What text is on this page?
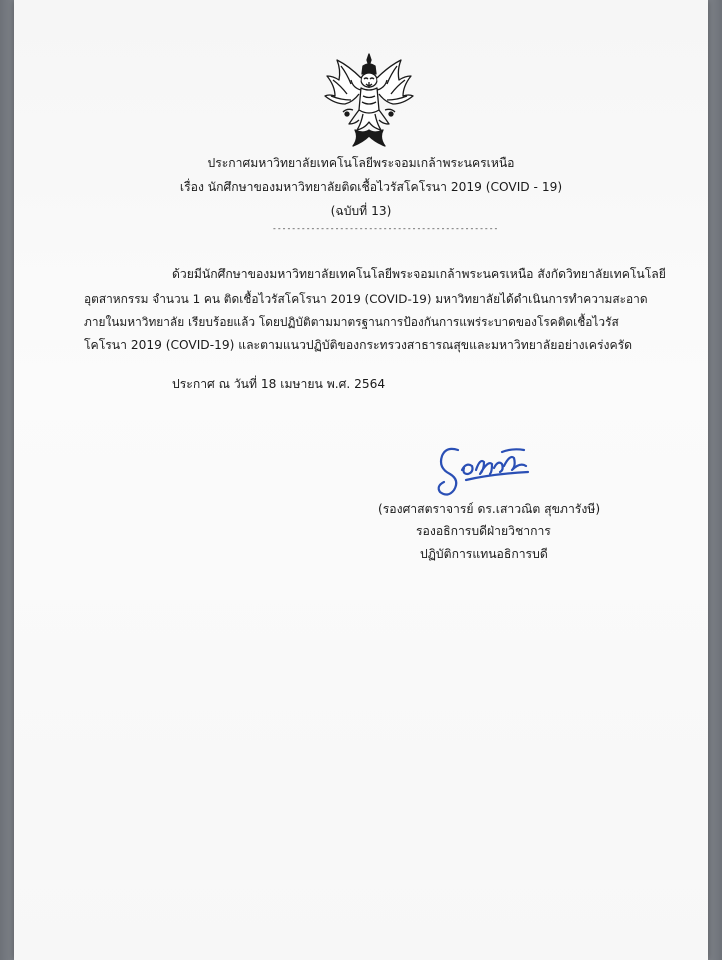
ประกาศมหาวิทยาลัยเทคโนโลยีพระจอมเกล้าพระนครเหนือ
เรื่อง นักศึกษาของมหาวิทยาลัยติดเชื้อไวรัสโคโรนา 2019 (COVID - 19)
(ฉบับที่ 13)
-----------------------------------------------
ด้วยมีนักศึกษาของมหาวิทยาลัยเทคโนโลยีพระจอมเกล้าพระนครเหนือ สังกัดวิทยาลัยเทคโนโลยี
อุตสาหกรรม จำนวน 1 คน ติดเชื้อไวรัสโคโรนา 2019 (COVID-19) มหาวิทยาลัยได้ดำเนินการทำความสะอาด
ภายในมหาวิทยาลัย เรียบร้อยแล้ว โดยปฏิบัติตามมาตรฐานการป้องกันการแพร่ระบาดของโรคติดเชื้อไวรัส
โคโรนา 2019 (COVID-19) และตามแนวปฏิบัติของกระทรวงสาธารณสุขและมหาวิทยาลัยอย่างเคร่งครัด
ประกาศ ณ วันที่ 18 เมษายน พ.ศ. 2564
(รองศาสตราจารย์ ดร.เสาวณิต สุขภารังษี)
รองอธิการบดีฝ่ายวิชาการ
ปฏิบัติการแทนอธิการบดี
